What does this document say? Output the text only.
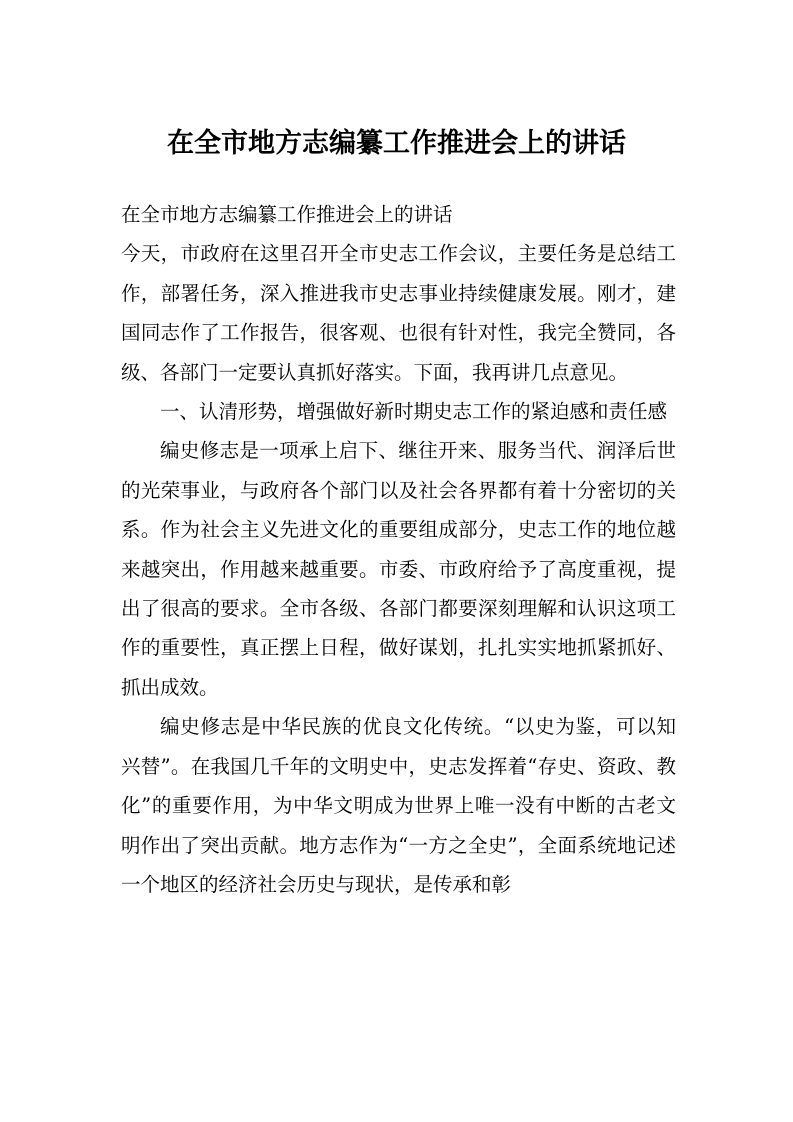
在全市地方志编纂工作推进会上的讲话

在全市地方志编纂工作推进会上的讲话

今天，市政府在这里召开全市史志工作会议，主要任务是总结工作，部署任务，深入推进我市史志事业持续健康发展。刚才，建国同志作了工作报告，很客观、也很有针对性，我完全赞同，各级、各部门一定要认真抓好落实。下面，我再讲几点意见。

一、认清形势，增强做好新时期史志工作的紧迫感和责任感

编史修志是一项承上启下、继往开来、服务当代、润泽后世的光荣事业，与政府各个部门以及社会各界都有着十分密切的关系。作为社会主义先进文化的重要组成部分，史志工作的地位越来越突出，作用越来越重要。市委、市政府给予了高度重视，提出了很高的要求。全市各级、各部门都要深刻理解和认识这项工作的重要性，真正摆上日程，做好谋划，扎扎实实地抓紧抓好、抓出成效。

编史修志是中华民族的优良文化传统。“以史为鉴，可以知兴替”。在我国几千年的文明史中，史志发挥着“存史、资政、教化”的重要作用，为中华文明成为世界上唯一没有中断的古老文明作出了突出贡献。地方志作为“一方之全史”，全面系统地记述一个地区的经济社会历史与现状，是传承和彰
